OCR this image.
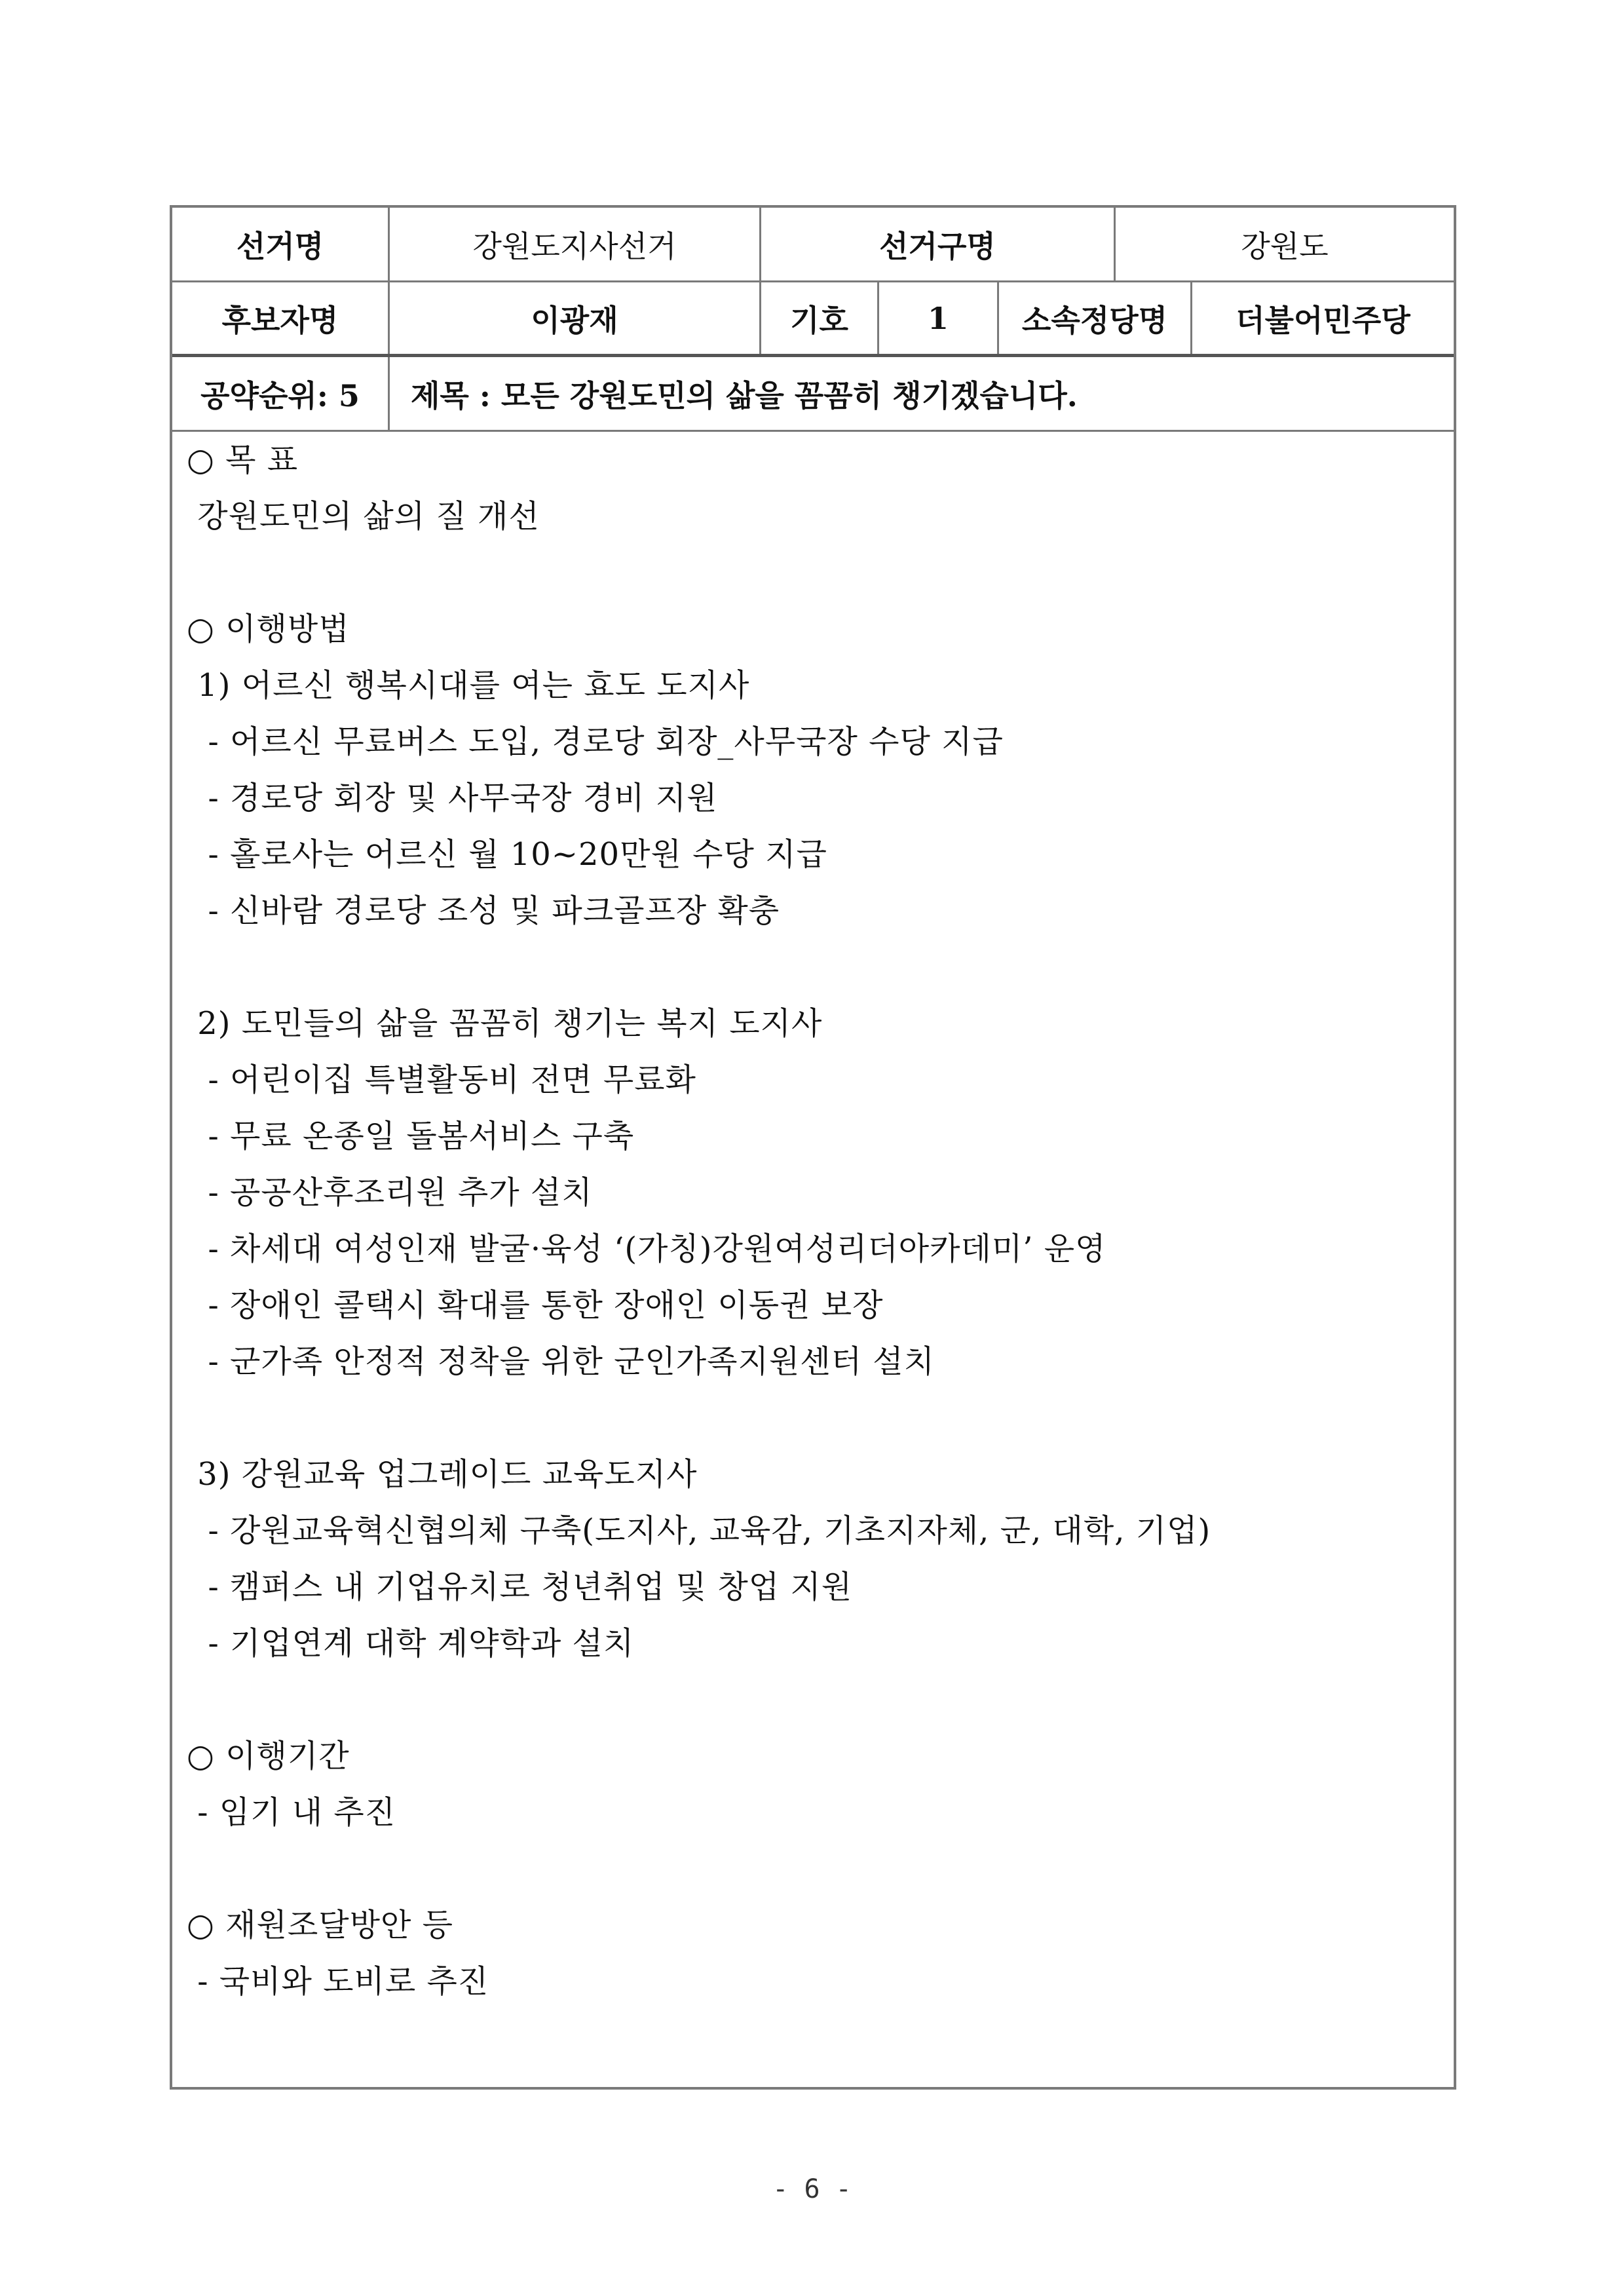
선거명	강원도지사선거	선거구명	강원도
후보자명	이광재	기호	1	소속정당명	더불어민주당
공약순위: 5	제목 : 모든 강원도민의 삶을 꼼꼼히 챙기겠습니다.
○ 목 표
강원도민의 삶의 질 개선
○ 이행방법
1) 어르신 행복시대를 여는 효도 도지사
- 어르신 무료버스 도입, 경로당 회장_사무국장 수당 지급
- 경로당 회장 및 사무국장 경비 지원
- 홀로사는 어르신 월 10~20만원 수당 지급
- 신바람 경로당 조성 및 파크골프장 확충
2) 도민들의 삶을 꼼꼼히 챙기는 복지 도지사
- 어린이집 특별활동비 전면 무료화
- 무료 온종일 돌봄서비스 구축
- 공공산후조리원 추가 설치
- 차세대 여성인재 발굴·육성 ‘(가칭)강원여성리더아카데미’ 운영
- 장애인 콜택시 확대를 통한 장애인 이동권 보장
- 군가족 안정적 정착을 위한 군인가족지원센터 설치
3) 강원교육 업그레이드 교육도지사
- 강원교육혁신협의체 구축(도지사, 교육감, 기초지자체, 군, 대학, 기업)
- 캠퍼스 내 기업유치로 청년취업 및 창업 지원
- 기업연계 대학 계약학과 설치
○ 이행기간
- 임기 내 추진
○ 재원조달방안 등
- 국비와 도비로 추진
- 6 -
